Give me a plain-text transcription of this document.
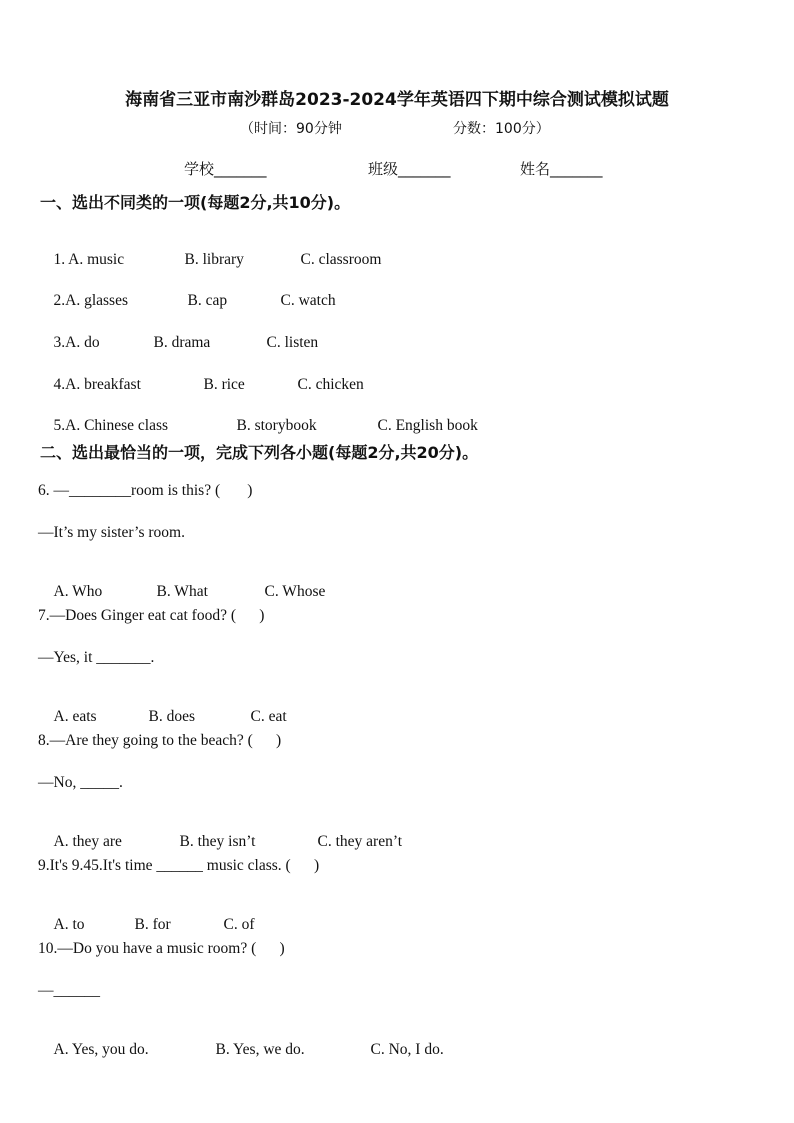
海南省三亚市南沙群岛2023-2024学年英语四下期中综合测试模拟试题
（时间：90分钟	分数：100分）
学校_______	班级_______	姓名_______
一、选出不同类的一项(每题2分,共10分)。

1. A. music	B. library	C. classroom

2.A. glasses	B. cap	C. watch

3.A. do	B. drama	C. listen

4.A. breakfast	B. rice	C. chicken

5.A. Chinese class	B. storybook	C. English book

二、选出最恰当的一项，完成下列各小题(每题2分,共20分)。
6. —________room is this? (       )
—It’s my sister’s room.

A. Who	B. What	C. Whose

7.—Does Ginger eat cat food? (      )
—Yes, it _______.

A. eats	B. does	C. eat

8.—Are they going to the beach? (      )
—No, _____.

A. they are	B. they isn’t	C. they aren’t

9.It's 9.45.It's time ______ music class. (      )

A. to	B. for	C. of

10.—Do you have a music room? (      )
—______

A. Yes, you do.	B. Yes, we do.	C. No, I do.
